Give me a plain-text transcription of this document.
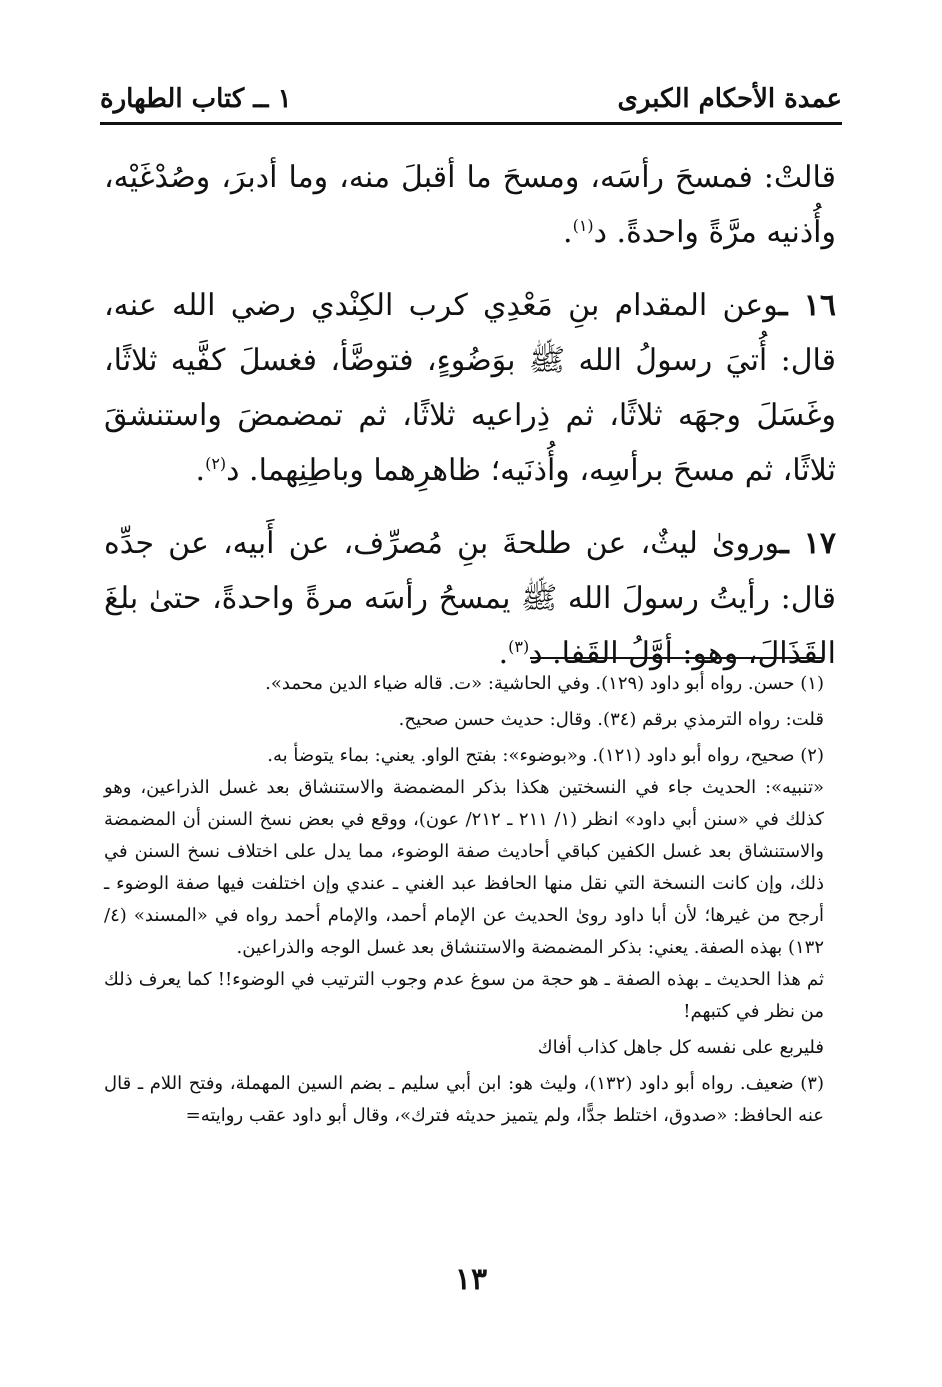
عمدة الأحكام الكبرى
١ ــ كتاب الطهارة

قالتْ: فمسحَ رأسَه، ومسحَ ما أقبلَ منه، وما أدبرَ، وصُدْغَيْه، وأُذنيه مرَّةً واحدةً. د$^{(١)}$.

١٦ ـوعن المقدام بنِ مَعْدِي كرب الكِنْدي رضي الله عنه، قال: أُتيَ رسولُ الله ﷺ بوَضُوءٍ، فتوضَّأ، فغسلَ كفَّيه ثلاثًا، وغَسَلَ وجهَه ثلاثًا، ثم ذِراعيه ثلاثًا، ثم تمضمضَ واستنشقَ ثلاثًا، ثم مسحَ برأسِه، وأُذنَيه؛ ظاهرِهما وباطِنِهما. د$^{(٢)}$.

١٧ ـوروىٰ ليثٌ، عن طلحةَ بنِ مُصرِّف، عن أَبيه، عن جدِّه قال: رأيتُ رسولَ الله ﷺ يمسحُ رأسَه مرةً واحدةً، حتىٰ بلغَ القَذَالَ، وهو: أوَّلُ القَفا. د$^{(٣)}$.

(١) حسن. رواه أبو داود (١٢٩). وفي الحاشية: «ت. قاله ضياء الدين محمد».

قلت: رواه الترمذي برقم (٣٤). وقال: حديث حسن صحيح.

(٢) صحيح، رواه أبو داود (١٢١). و«بوضوء»: بفتح الواو. يعني: بماء يتوضأ به.

«تنبيه»: الحديث جاء في النسختين هكذا بذكر المضمضة والاستنشاق بعد غسل الذراعين، وهو كذلك في «سنن أبي داود» انظر (١/ ٢١١ ـ ٢١٢/ عون)، ووقع في بعض نسخ السنن أن المضمضة والاستنشاق بعد غسل الكفين كباقي أحاديث صفة الوضوء، مما يدل على اختلاف نسخ السنن في ذلك، وإن كانت النسخة التي نقل منها الحافظ عبد الغني ـ عندي وإن اختلفت فيها صفة الوضوء ـ أرجح من غيرها؛ لأن أبا داود روىٰ الحديث عن الإمام أحمد، والإمام أحمد رواه في «المسند» (٤/ ١٣٢) بهذه الصفة. يعني: بذكر المضمضة والاستنشاق بعد غسل الوجه والذراعين.

ثم هذا الحديث ـ بهذه الصفة ـ هو حجة من سوغ عدم وجوب الترتيب في الوضوء!! كما يعرف ذلك من نظر في كتبهم!

فليربع على نفسه كل جاهل كذاب أفاك

(٣) ضعيف. رواه أبو داود (١٣٢)، وليث هو: ابن أبي سليم ـ بضم السين المهملة، وفتح اللام ـ قال عنه الحافظ: «صدوق، اختلط جدًّا، ولم يتميز حديثه فترك»، وقال أبو داود عقب روايته=

١٣
